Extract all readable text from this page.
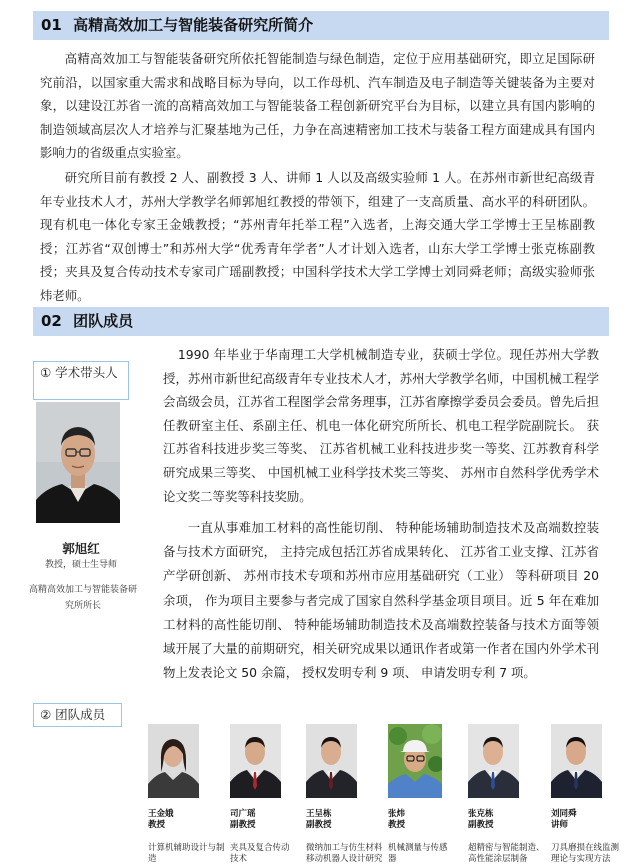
01 高精高效加工与智能装备研究所简介

高精高效加工与智能装备研究所依托智能制造与绿色制造，定位于应用基础研究，即立足国际研究前沿，以国家重大需求和战略目标为导向，以工作母机、汽车制造及电子制造等关键装备为主要对象，以建设江苏省一流的高精高效加工与智能装备工程创新研究平台为目标，以建立具有国内影响的制造领域高层次人才培养与汇聚基地为己任，力争在高速精密加工技术与装备工程方面建成具有国内影响力的省级重点实验室。

研究所目前有教授 2 人、副教授 3 人、讲师 1 人以及高级实验师 1 人。在苏州市新世纪高级青年专业技术人才，苏州大学教学名师郭旭红教授的带领下，组建了一支高质量、高水平的科研团队。现有机电一体化专家王金娥教授；“苏州青年托举工程”入选者，上海交通大学工学博士王呈栋副教授；江苏省“双创博士”和苏州大学“优秀青年学者”人才计划入选者，山东大学工学博士张克栋副教授；夹具及复合传动技术专家司广瑶副教授；中国科学技术大学工学博士刘同舜老师；高级实验师张炜老师。

02 团队成员
① 学术带头人
郭旭红
教授，硕士生导师
高精高效加工与智能装备研究所所长

1990 年毕业于华南理工大学机械制造专业，获硕士学位。现任苏州大学教授，苏州市新世纪高级青年专业技术人才，苏州大学教学名师，中国机械工程学会高级会员，江苏省工程图学会常务理事，江苏省摩擦学委员会委员。曾先后担任教研室主任、系副主任、机电一体化研究所所长、机电工程学院副院长。 获江苏省科技进步奖三等奖、 江苏省机械工业科技进步奖一等奖、江苏教育科学研究成果三等奖、 中国机械工业科学技术奖三等奖、 苏州市自然科学优秀学术论文奖二等奖等科技奖励。

一直从事难加工材料的高性能切削、 特种能场辅助制造技术及高端数控装备与技术方面研究， 主持完成包括江苏省成果转化、 江苏省工业支撑、江苏省产学研创新、 苏州市技术专项和苏州市应用基础研究（工业） 等科研项目 20 余项， 作为项目主要参与者完成了国家自然科学基金项目项目。近 5 年在难加工材料的高性能切削、 特种能场辅助制造技术及高端数控装备与技术方面等领域开展了大量的前期研究，相关研究成果以通讯作者或第一作者在国内外学术刊物上发表论文 50 余篇， 授权发明专利 9 项、 申请发明专利 7 项。

② 团队成员
王金娥
教授
计算机辅助设计与制
造
司广瑶
副教授
夹具及复合传动
技术
王呈栋
副教授
微纳加工与仿生材料
移动机器人设计研究
张炜
教授
机械测量与传感
器
张克栋
副教授
超精密与智能制造、
高性能涂层制备
刘同舜
讲师
刀具磨损在线监测
理论与实现方法
